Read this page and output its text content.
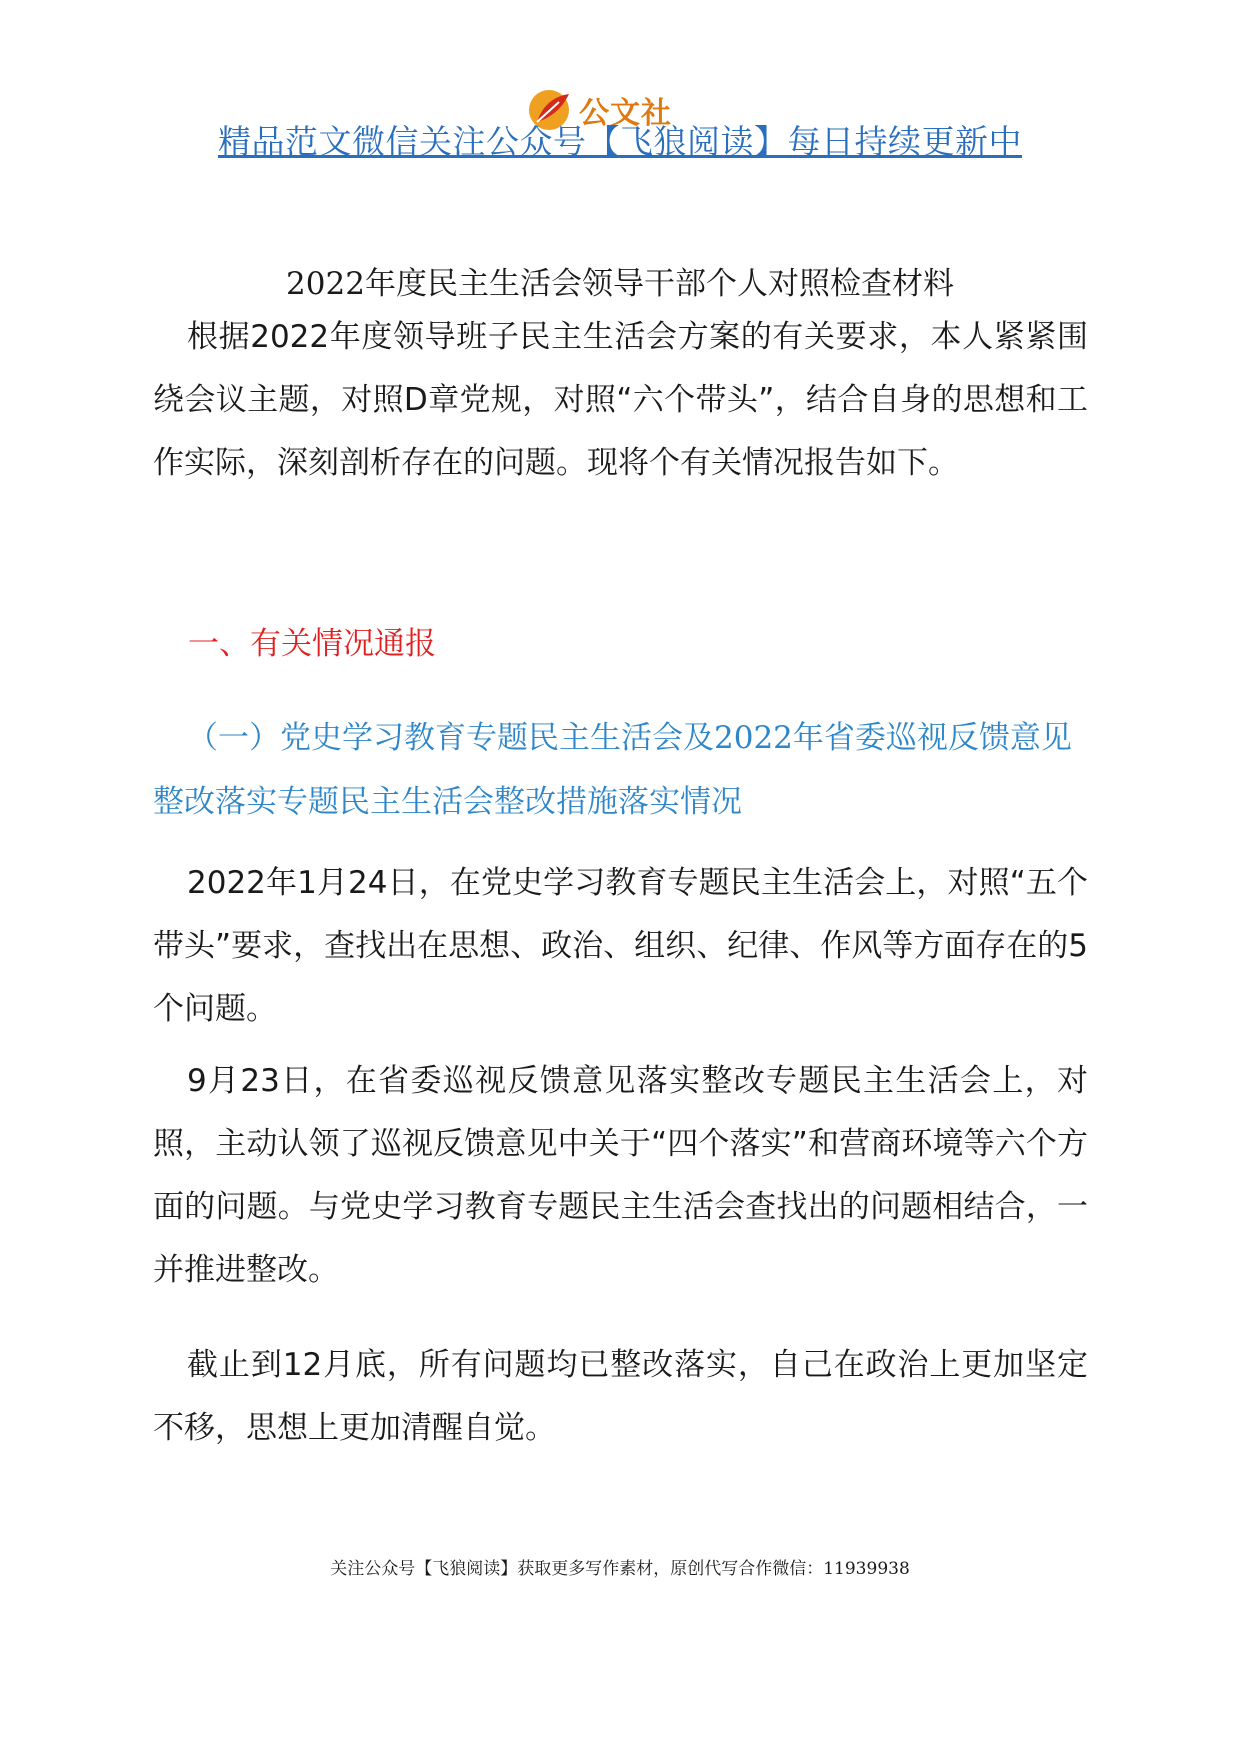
公文社
精品范文微信关注公众号【飞狼阅读】每日持续更新中
2022年度民主生活会领导干部个人对照检查材料
根据2022年度领导班子民主生活会方案的有关要求，本人紧紧围绕会议主题，对照D章党规，对照“六个带头”，结合自身的思想和工作实际，深刻剖析存在的问题。现将个有关情况报告如下。
一、有关情况通报
（一）党史学习教育专题民主生活会及2022年省委巡视反馈意见整改落实专题民主生活会整改措施落实情况
2022年1月24日，在党史学习教育专题民主生活会上，对照“五个带头”要求，查找出在思想、政治、组织、纪律、作风等方面存在的5个问题。
9月23日，在省委巡视反馈意见落实整改专题民主生活会上，对照，主动认领了巡视反馈意见中关于“四个落实”和营商环境等六个方面的问题。与党史学习教育专题民主生活会查找出的问题相结合，一并推进整改。
截止到12月底，所有问题均已整改落实，自己在政治上更加坚定不移，思想上更加清醒自觉。
关注公众号【飞狼阅读】获取更多写作素材，原创代写合作微信：11939938
